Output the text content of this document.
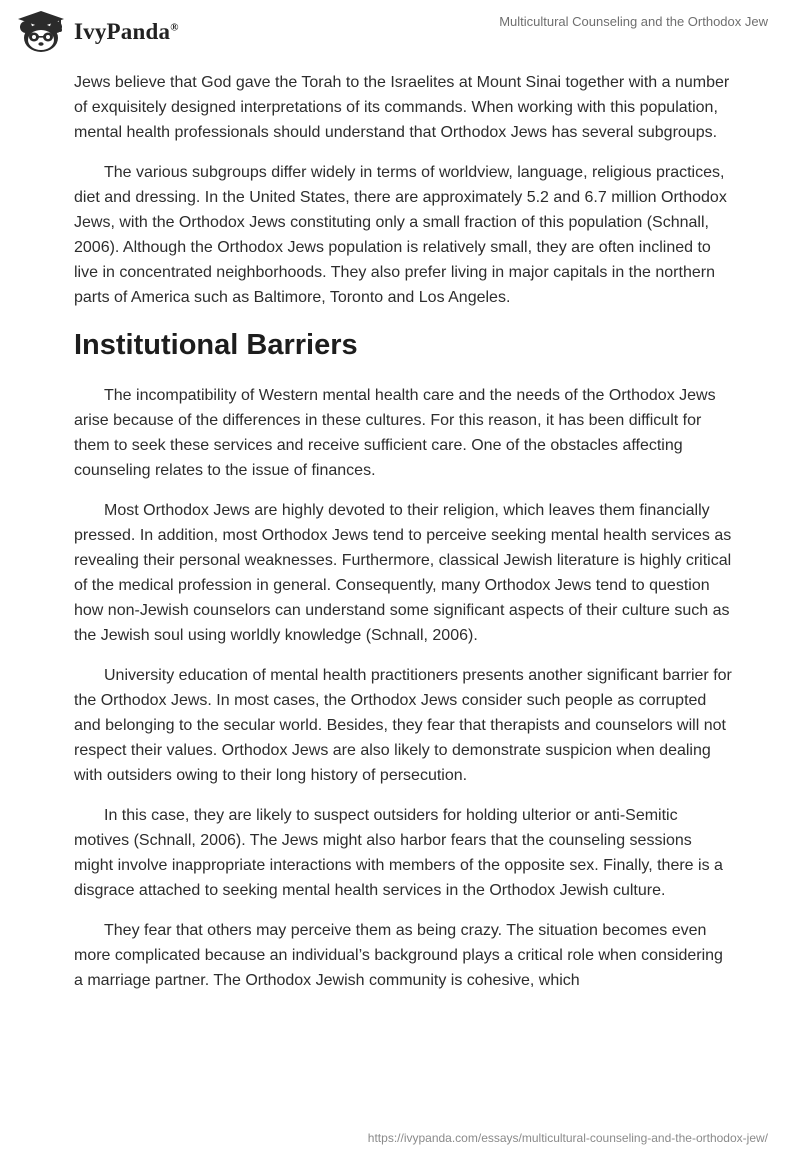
IvyPanda®	Multicultural Counseling and the Orthodox Jew

Jews believe that God gave the Torah to the Israelites at Mount Sinai together with a number of exquisitely designed interpretations of its commands. When working with this population, mental health professionals should understand that Orthodox Jews has several subgroups.

The various subgroups differ widely in terms of worldview, language, religious practices, diet and dressing. In the United States, there are approximately 5.2 and 6.7 million Orthodox Jews, with the Orthodox Jews constituting only a small fraction of this population (Schnall, 2006). Although the Orthodox Jews population is relatively small, they are often inclined to live in concentrated neighborhoods. They also prefer living in major capitals in the northern parts of America such as Baltimore, Toronto and Los Angeles.

Institutional Barriers

The incompatibility of Western mental health care and the needs of the Orthodox Jews arise because of the differences in these cultures. For this reason, it has been difficult for them to seek these services and receive sufficient care. One of the obstacles affecting counseling relates to the issue of finances.

Most Orthodox Jews are highly devoted to their religion, which leaves them financially pressed. In addition, most Orthodox Jews tend to perceive seeking mental health services as revealing their personal weaknesses. Furthermore, classical Jewish literature is highly critical of the medical profession in general. Consequently, many Orthodox Jews tend to question how non-Jewish counselors can understand some significant aspects of their culture such as the Jewish soul using worldly knowledge (Schnall, 2006).

University education of mental health practitioners presents another significant barrier for the Orthodox Jews. In most cases, the Orthodox Jews consider such people as corrupted and belonging to the secular world. Besides, they fear that therapists and counselors will not respect their values. Orthodox Jews are also likely to demonstrate suspicion when dealing with outsiders owing to their long history of persecution.

In this case, they are likely to suspect outsiders for holding ulterior or anti-Semitic motives (Schnall, 2006). The Jews might also harbor fears that the counseling sessions might involve inappropriate interactions with members of the opposite sex. Finally, there is a disgrace attached to seeking mental health services in the Orthodox Jewish culture.

They fear that others may perceive them as being crazy. The situation becomes even more complicated because an individual’s background plays a critical role when considering a marriage partner. The Orthodox Jewish community is cohesive, which

https://ivypanda.com/essays/multicultural-counseling-and-the-orthodox-jew/
